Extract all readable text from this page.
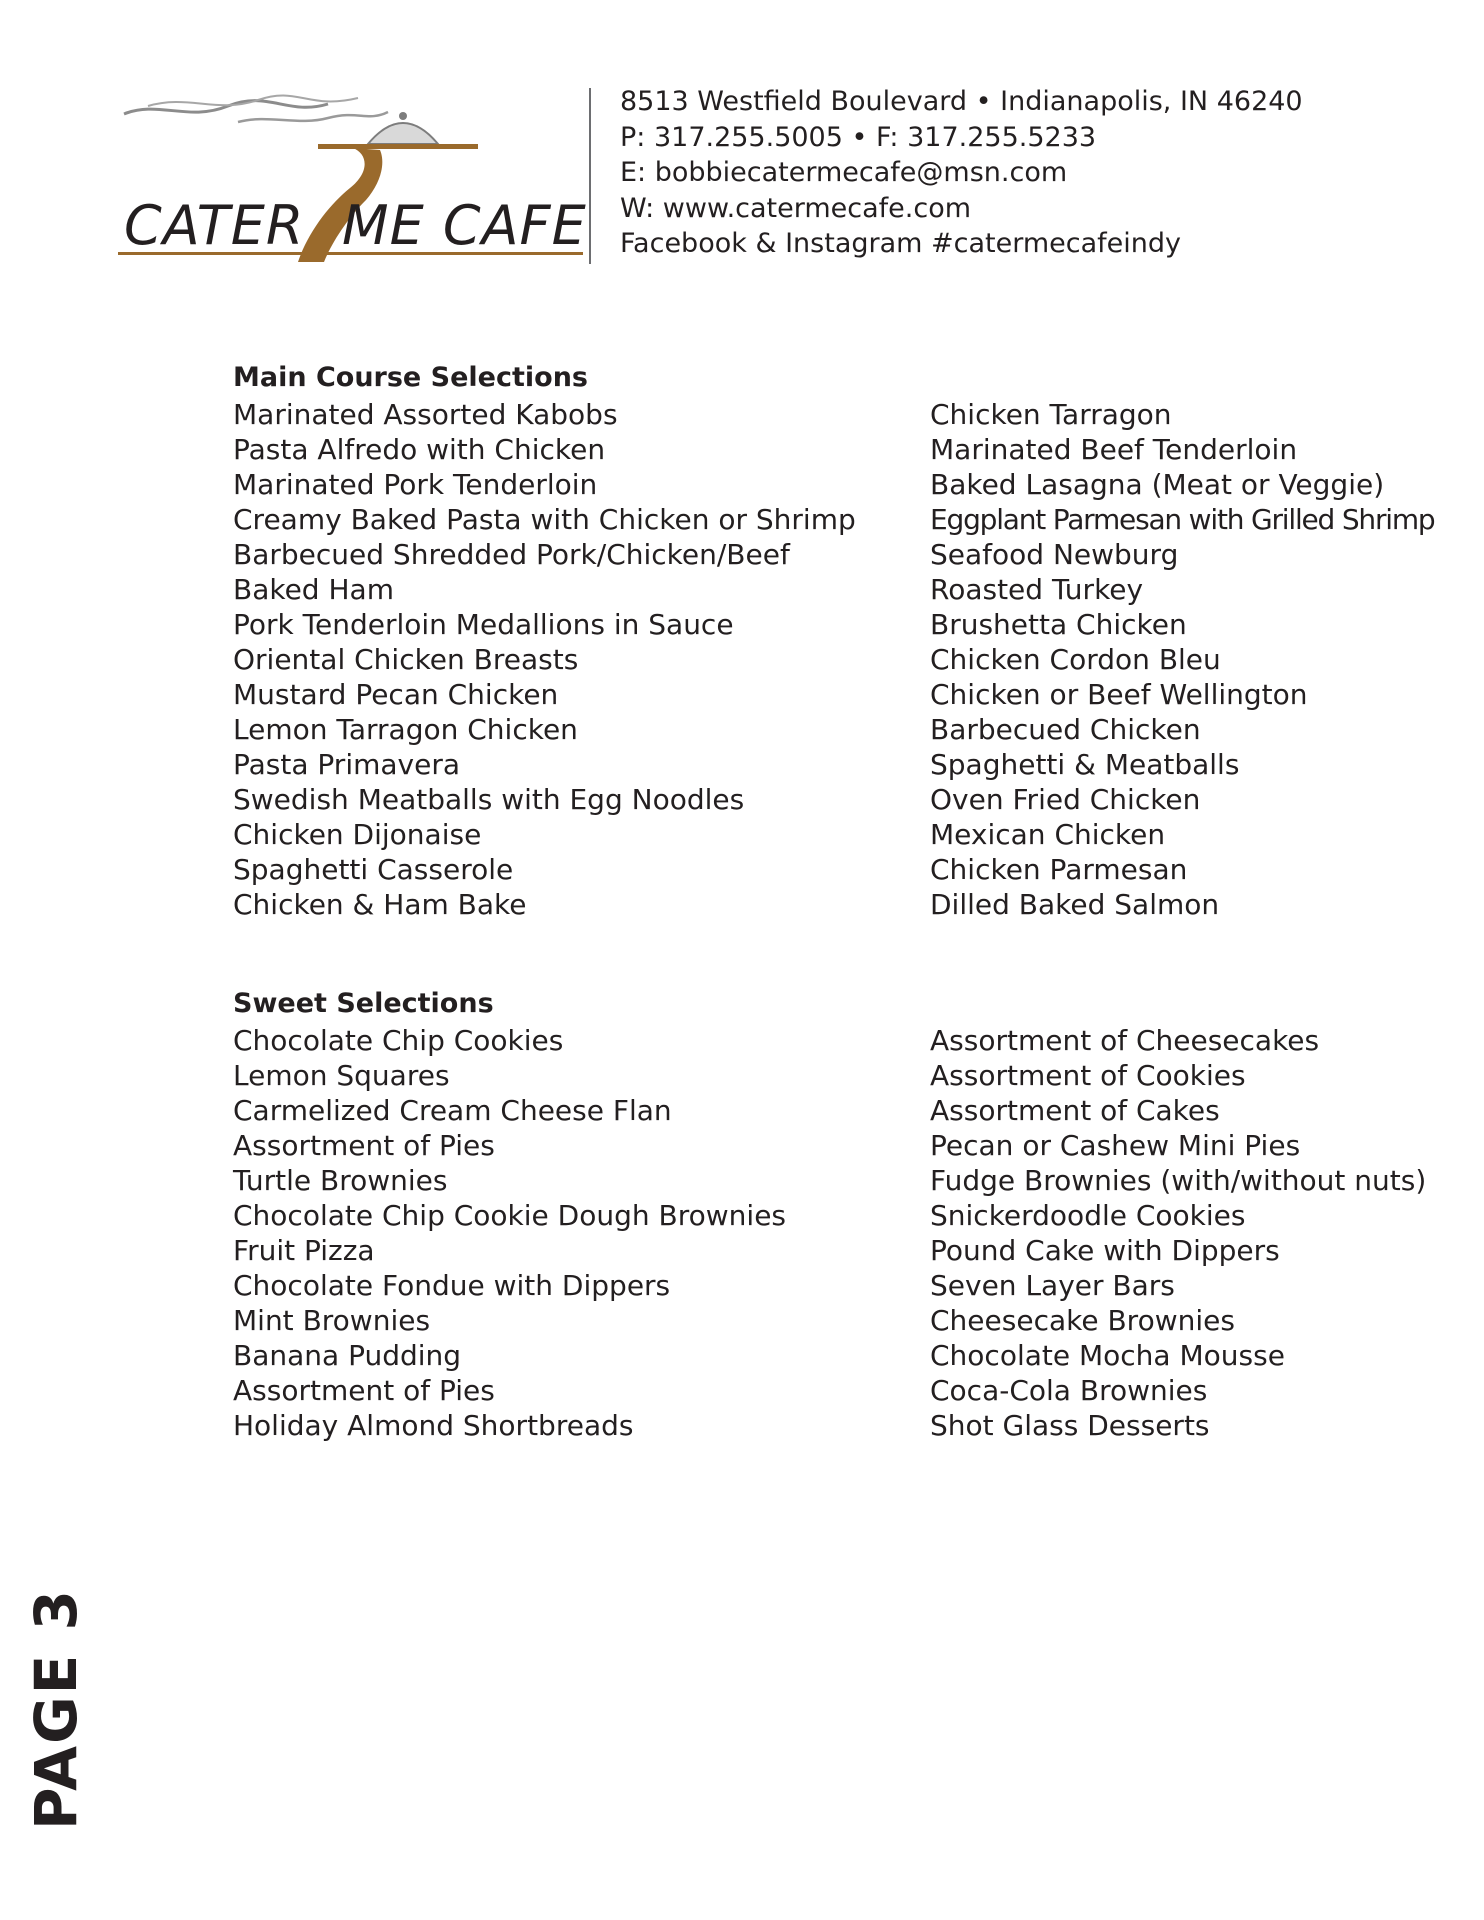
CATER ME CAFE
8513 Westfield Boulevard • Indianapolis, IN 46240
P: 317.255.5005 • F: 317.255.5233
E: bobbiecatermecafe@msn.com
W: www.catermecafe.com
Facebook & Instagram #catermecafeindy
Main Course Selections
Marinated Assorted Kabobs
Pasta Alfredo with Chicken
Marinated Pork Tenderloin
Creamy Baked Pasta with Chicken or Shrimp
Barbecued Shredded Pork/Chicken/Beef
Baked Ham
Pork Tenderloin Medallions in Sauce
Oriental Chicken Breasts
Mustard Pecan Chicken
Lemon Tarragon Chicken
Pasta Primavera
Swedish Meatballs with Egg Noodles
Chicken Dijonaise
Spaghetti Casserole
Chicken & Ham Bake
Chicken Tarragon
Marinated Beef Tenderloin
Baked Lasagna (Meat or Veggie)
Eggplant Parmesan with Grilled Shrimp
Seafood Newburg
Roasted Turkey
Brushetta Chicken
Chicken Cordon Bleu
Chicken or Beef Wellington
Barbecued Chicken
Spaghetti & Meatballs
Oven Fried Chicken
Mexican Chicken
Chicken Parmesan
Dilled Baked Salmon
Sweet Selections
Chocolate Chip Cookies
Lemon Squares
Carmelized Cream Cheese Flan
Assortment of Pies
Turtle Brownies
Chocolate Chip Cookie Dough Brownies
Fruit Pizza
Chocolate Fondue with Dippers
Mint Brownies
Banana Pudding
Assortment of Pies
Holiday Almond Shortbreads
Assortment of Cheesecakes
Assortment of Cookies
Assortment of Cakes
Pecan or Cashew Mini Pies
Fudge Brownies (with/without nuts)
Snickerdoodle Cookies
Pound Cake with Dippers
Seven Layer Bars
Cheesecake Brownies
Chocolate Mocha Mousse
Coca-Cola Brownies
Shot Glass Desserts
PAGE 3
